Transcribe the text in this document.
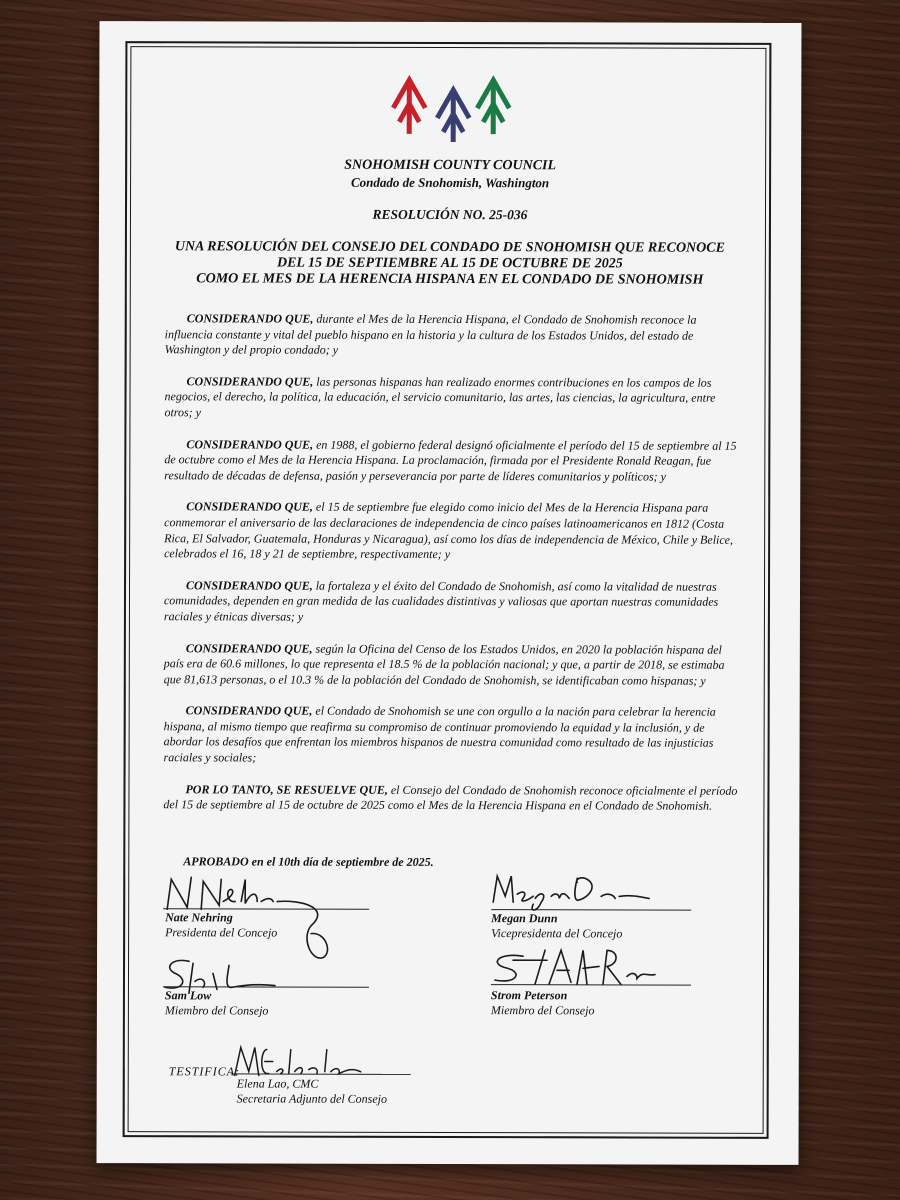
SNOHOMISH COUNTY COUNCIL
Condado de Snohomish, Washington
RESOLUCIÓN NO. 25-036
UNA RESOLUCIÓN DEL CONSEJO DEL CONDADO DE SNOHOMISH QUE RECONOCE
DEL 15 DE SEPTIEMBRE AL 15 DE OCTUBRE DE 2025
COMO EL MES DE LA HERENCIA HISPANA EN EL CONDADO DE SNOHOMISH

CONSIDERANDO QUE, durante el Mes de la Herencia Hispana, el Condado de Snohomish reconoce la influencia constante y vital del pueblo hispano en la historia y la cultura de los Estados Unidos, del estado de Washington y del propio condado; y

CONSIDERANDO QUE, las personas hispanas han realizado enormes contribuciones en los campos de los negocios, el derecho, la política, la educación, el servicio comunitario, las artes, las ciencias, la agricultura, entre otros; y

CONSIDERANDO QUE, en 1988, el gobierno federal designó oficialmente el período del 15 de septiembre al 15 de octubre como el Mes de la Herencia Hispana. La proclamación, firmada por el Presidente Ronald Reagan, fue resultado de décadas de defensa, pasión y perseverancia por parte de líderes comunitarios y políticos; y

CONSIDERANDO QUE, el 15 de septiembre fue elegido como inicio del Mes de la Herencia Hispana para conmemorar el aniversario de las declaraciones de independencia de cinco países latinoamericanos en 1812 (Costa Rica, El Salvador, Guatemala, Honduras y Nicaragua), así como los días de independencia de México, Chile y Belice, celebrados el 16, 18 y 21 de septiembre, respectivamente; y

CONSIDERANDO QUE, la fortaleza y el éxito del Condado de Snohomish, así como la vitalidad de nuestras comunidades, dependen en gran medida de las cualidades distintivas y valiosas que aportan nuestras comunidades raciales y étnicas diversas; y

CONSIDERANDO QUE, según la Oficina del Censo de los Estados Unidos, en 2020 la población hispana del país era de 60.6 millones, lo que representa el 18.5 % de la población nacional; y que, a partir de 2018, se estimaba que 81,613 personas, o el 10.3 % de la población del Condado de Snohomish, se identificaban como hispanas; y

CONSIDERANDO QUE, el Condado de Snohomish se une con orgullo a la nación para celebrar la herencia hispana, al mismo tiempo que reafirma su compromiso de continuar promoviendo la equidad y la inclusión, y de abordar los desafíos que enfrentan los miembros hispanos de nuestra comunidad como resultado de las injusticias raciales y sociales;

POR LO TANTO, SE RESUELVE QUE, el Consejo del Condado de Snohomish reconoce oficialmente el período del 15 de septiembre al 15 de octubre de 2025 como el Mes de la Herencia Hispana en el Condado de Snohomish.

APROBADO en el 10th día de septiembre de 2025.
Nate Nehring
Presidenta del Concejo
Megan Dunn
Vicepresidenta del Concejo
Sam Low
Miembro del Consejo
Strom Peterson
Miembro del Consejo
TESTIFICA:
Elena Lao, CMC
Secretaria Adjunto del Consejo
